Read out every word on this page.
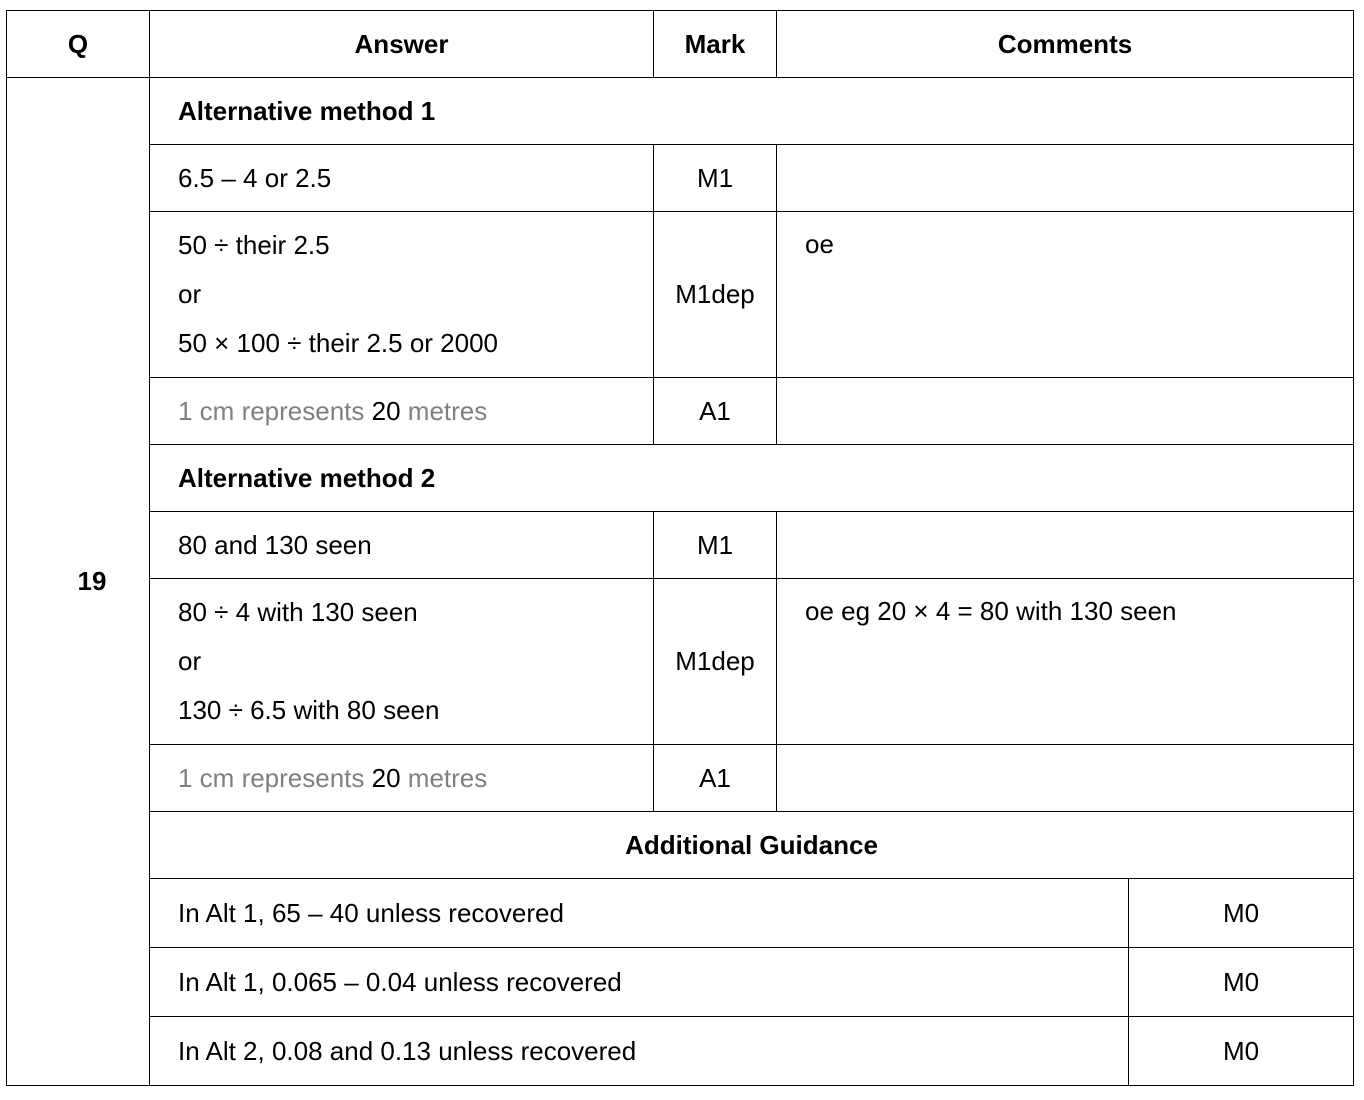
Q	Answer	Mark	Comments	
19	Alternative method 1			
	6.5 – 4 or 2.5	M1		

	50 ÷ their 2.5
or
50 × 100 ÷ their 2.5 or 2000	M1dep	oe	
	1 cm represents 20 metres	A1		
	Alternative method 2			
	80 and 130 seen	M1		

	80 ÷ 4 with 130 seen
or
130 ÷ 6.5 with 80 seen	M1dep	oe eg 20 × 4 = 80 with 130 seen	
	1 cm represents 20 metres	A1		
	Additional Guidance			
	In Alt 1, 65 – 40 unless recovered			M0
	In Alt 1, 0.065 – 0.04 unless recovered			M0
	In Alt 2, 0.08 and 0.13 unless recovered			M0
